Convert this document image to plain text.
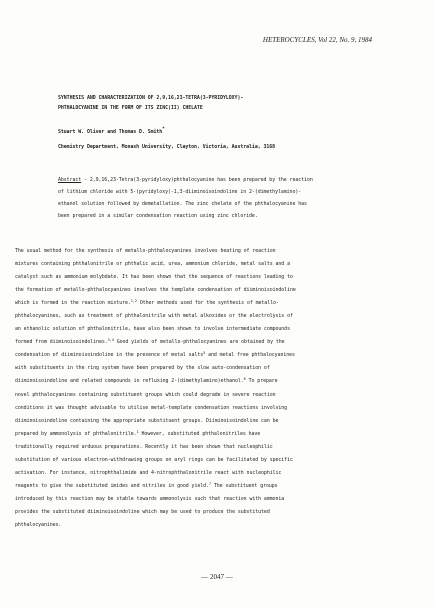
HETEROCYCLES, Vol 22, No. 9, 1984
SYNTHESIS AND CHARACTERIZATION OF 2,9,16,23-TETRA(3-PYRIDYLOXY)-
PHTHALOCYANINE IN THE FORM OF ITS ZINC(II) CHELATE
Stuart W. Oliver and Thomas D. Smith*
Chemistry Department, Monash University, Clayton, Victoria, Australia, 3168
Abstract - 2,9,16,23-Tetra(3-pyridyloxy)phthalocyanine has been prepared by the reaction
of lithium chloride with 5-(pyridyloxy)-1,3-diiminoisoindoline in 2-(dimethylamino)-
ethanol solution followed by demetallation. The zinc chelate of the phthalocyanine has
been prepared in a similar condensation reaction using zinc chloride.
The usual method for the synthesis of metallo-phthalocyanines involves heating of reaction
mixtures containing phthalonitrile or phthalic acid, urea, ammonium chloride, metal salts and a
catalyst such as ammonium molybdate. It has been shown that the sequence of reactions leading to
the formation of metallo-phthalocyanines involves the template condensation of diiminoisoindoline
which is formed in the reaction mixture.$^{1,2}$ Other methods used for the synthesis of metallo-
phthalocyanines, such as treatment of phthalonitrile with metal alkoxides or the electrolysis of
an ethanolic solution of phthalonitrile, have also been shown to involve intermediate compounds
formed from diiminoisoindolines.$^{3,4}$ Good yields of metallo-phthalocyanines are obtained by the
condensation of diiminoisoindoline in the presence of metal salts$^5$ and metal free phthalocyanines
with substituents in the ring system have been prepared by the slow auto-condensation of
diiminoisoindoline and related compounds in refluxing 2-(dimethylamino)ethanol.$^6$ To prepare
novel phthalocyanines containing substituent groups which could degrade in severe reaction
conditions it was thought advisable to utilise metal-template condensation reactions involving
diiminoisoindoline containing the appropriate substituent groups. Diiminoisoindoline can be
prepared by ammonolysis of phthalonitrile.$^1$ However, substituted phthalonitriles have
traditionally required arduous preparations. Recently it has been shown that nucleophilic
substitution of various electron-withdrawing groups on aryl rings can be facilitated by specific
activation. For instance, nitrophthalimide and 4-nitrophthalonitrile react with nucleophilic
reagents to give the substituted imides and nitriles in good yield.$^7$ The substituent groups
introduced by this reaction may be stable towards ammonolysis such that reaction with ammonia
provides the substituted diiminoisoindoline which may be used to produce the substituted
phthalocyanines.
— 2047 —
